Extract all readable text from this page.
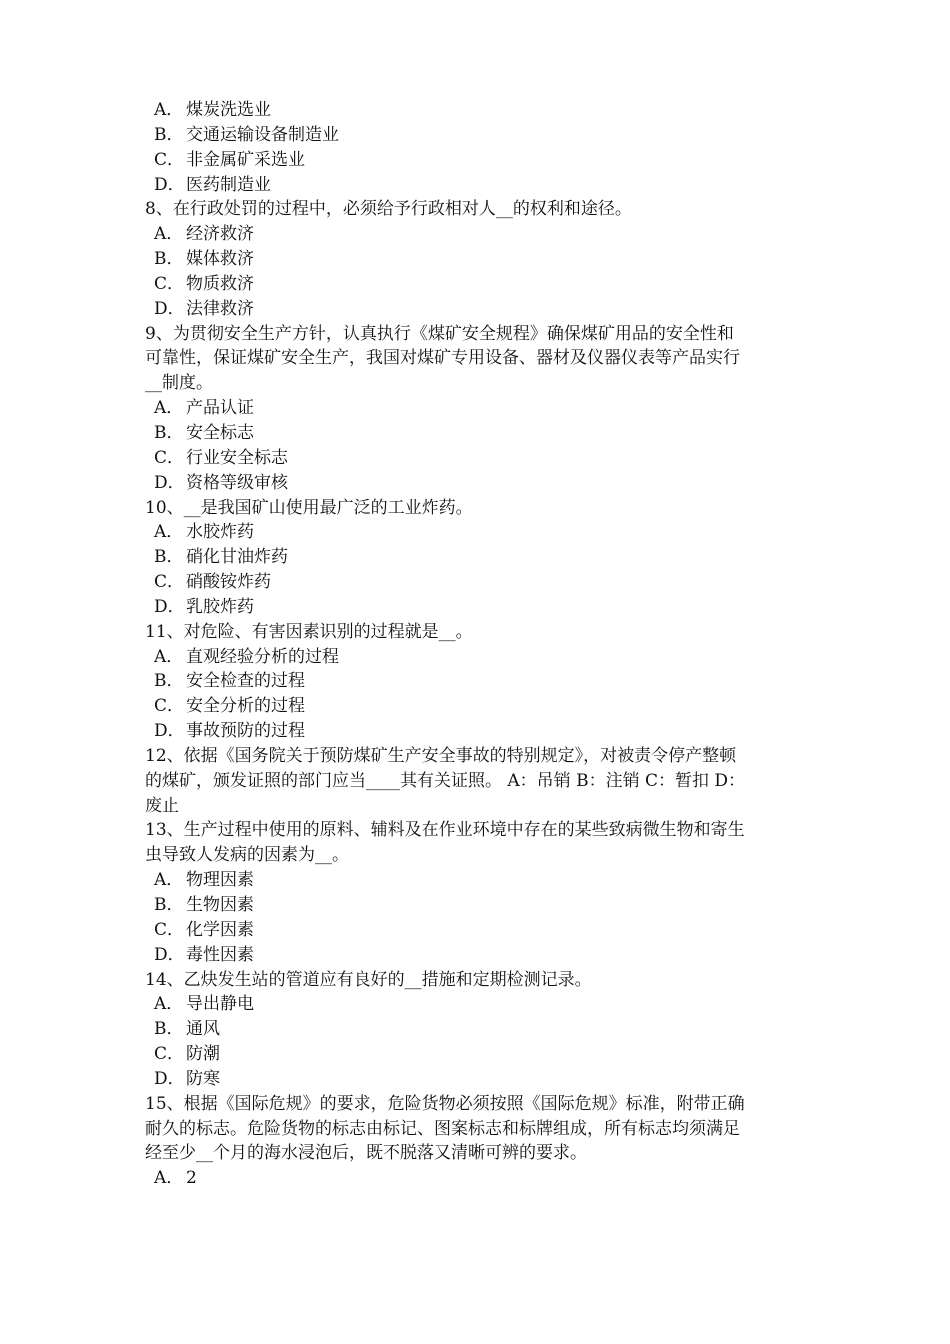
A． 煤炭洗选业
B． 交通运输设备制造业
C． 非金属矿采选业
D．医药制造业
8、在行政处罚的过程中，必须给予行政相对人__的权利和途径。
A． 经济救济
B． 媒体救济
C． 物质救济
D．法律救济
9、为贯彻安全生产方针，认真执行《煤矿安全规程》确保煤矿用品的安全性和
可靠性，保证煤矿安全生产，我国对煤矿专用设备、器材及仪器仪表等产品实行
__制度。
A． 产品认证
B． 安全标志
C． 行业安全标志
D．资格等级审核
10、__是我国矿山使用最广泛的工业炸药。
A． 水胶炸药
B． 硝化甘油炸药
C． 硝酸铵炸药
D．乳胶炸药
11、对危险、有害因素识别的过程就是__。
A． 直观经验分析的过程
B． 安全检查的过程
C． 安全分析的过程
D．事故预防的过程
12、依据《国务院关于预防煤矿生产安全事故的特别规定》，对被责令停产整顿
的煤矿，颁发证照的部门应当____其有关证照。 A：吊销 B：注销 C：暂扣 D：
废止
13、生产过程中使用的原料、辅料及在作业环境中存在的某些致病微生物和寄生
虫导致人发病的因素为__。
A． 物理因素
B． 生物因素
C． 化学因素
D．毒性因素
14、乙炔发生站的管道应有良好的__措施和定期检测记录。
A． 导出静电
B． 通风
C． 防潮
D．防寒
15、根据《国际危规》的要求，危险货物必须按照《国际危规》标准，附带正确
耐久的标志。危险货物的标志由标记、图案标志和标牌组成，所有标志均须满足
经至少__个月的海水浸泡后，既不脱落又清晰可辨的要求。
A． 2
